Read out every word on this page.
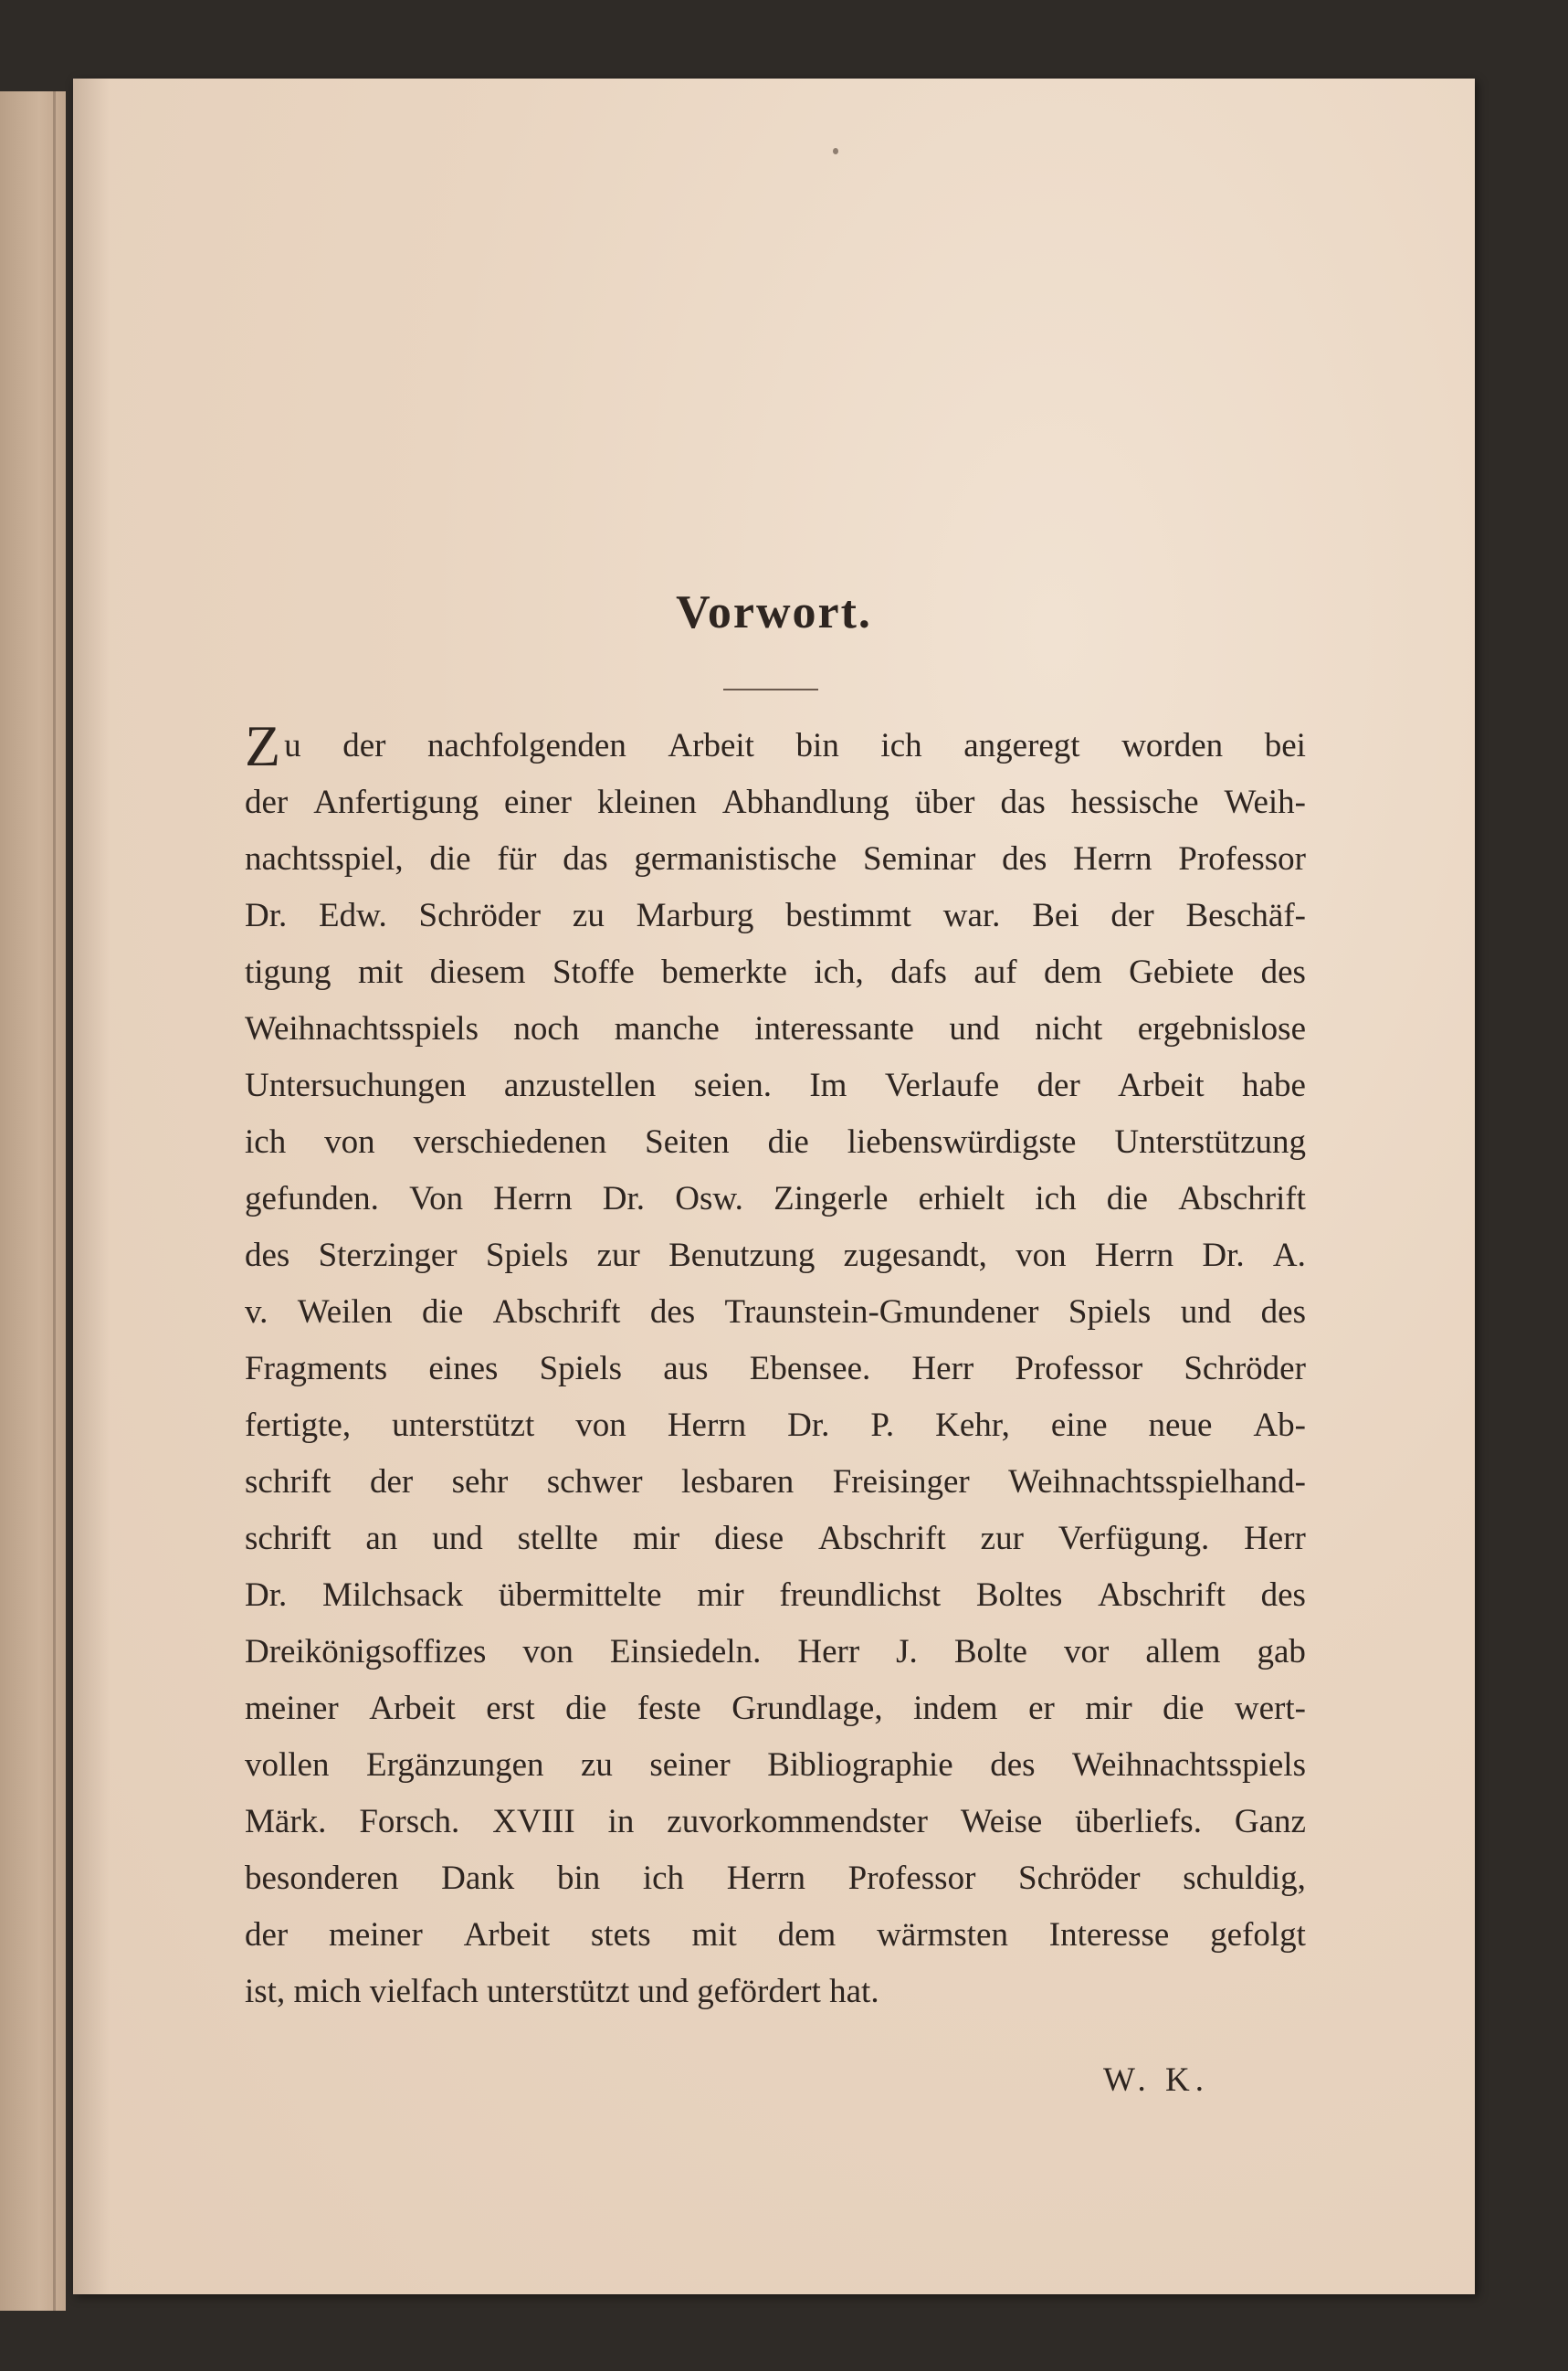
Vorwort.
Z u der nachfolgenden Arbeit bin ich angeregt worden bei
der Anfertigung einer kleinen Abhandlung über das hessische Weih-
nachtsspiel, die für das germanistische Seminar des Herrn Professor
Dr. Edw. Schröder zu Marburg bestimmt war. Bei der Beschäf-
tigung mit diesem Stoffe bemerkte ich, dafs auf dem Gebiete des
Weihnachtsspiels noch manche interessante und nicht ergebnislose
Untersuchungen anzustellen seien. Im Verlaufe der Arbeit habe
ich von verschiedenen Seiten die liebenswürdigste Unterstützung
gefunden. Von Herrn Dr. Osw. Zingerle erhielt ich die Abschrift
des Sterzinger Spiels zur Benutzung zugesandt, von Herrn Dr. A.
v. Weilen die Abschrift des Traunstein-Gmundener Spiels und des
Fragments eines Spiels aus Ebensee. Herr Professor Schröder
fertigte, unterstützt von Herrn Dr. P. Kehr, eine neue Ab-
schrift der sehr schwer lesbaren Freisinger Weihnachtsspielhand-
schrift an und stellte mir diese Abschrift zur Verfügung. Herr
Dr. Milchsack übermittelte mir freundlichst Boltes Abschrift des
Dreikönigsoffizes von Einsiedeln. Herr J. Bolte vor allem gab
meiner Arbeit erst die feste Grundlage, indem er mir die wert-
vollen Ergänzungen zu seiner Bibliographie des Weihnachtsspiels
Märk. Forsch. XVIII in zuvorkommendster Weise überliefs. Ganz
besonderen Dank bin ich Herrn Professor Schröder schuldig,
der meiner Arbeit stets mit dem wärmsten Interesse gefolgt
ist, mich vielfach unterstützt und gefördert hat.
W. K.
